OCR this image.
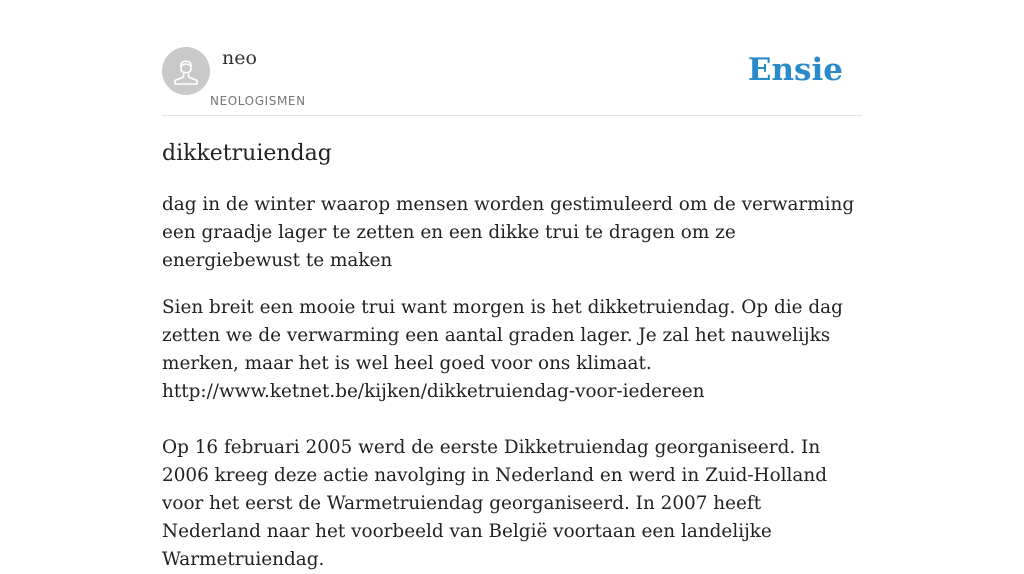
neo
NEOLOGISMEN
Ensie
dikketruiendag

dag in de winter waarop mensen worden gestimuleerd om de verwarming een graadje lager te zetten en een dikke trui te dragen om ze energiebewust te maken

Sien breit een mooie trui want morgen is het dikketruiendag. Op die dag zetten we de verwarming een aantal graden lager. Je zal het nauwelijks merken, maar het is wel heel goed voor ons klimaat.
http://www.ketnet.be/kijken/dikketruiendag-voor-iedereen

Op 16 februari 2005 werd de eerste Dikketruiendag georganiseerd. In 2006 kreeg deze actie navolging in Nederland en werd in Zuid-Holland voor het eerst de Warmetruiendag georganiseerd. In 2007 heeft Nederland naar het voorbeeld van België voortaan een landelijke Warmetruiendag.
